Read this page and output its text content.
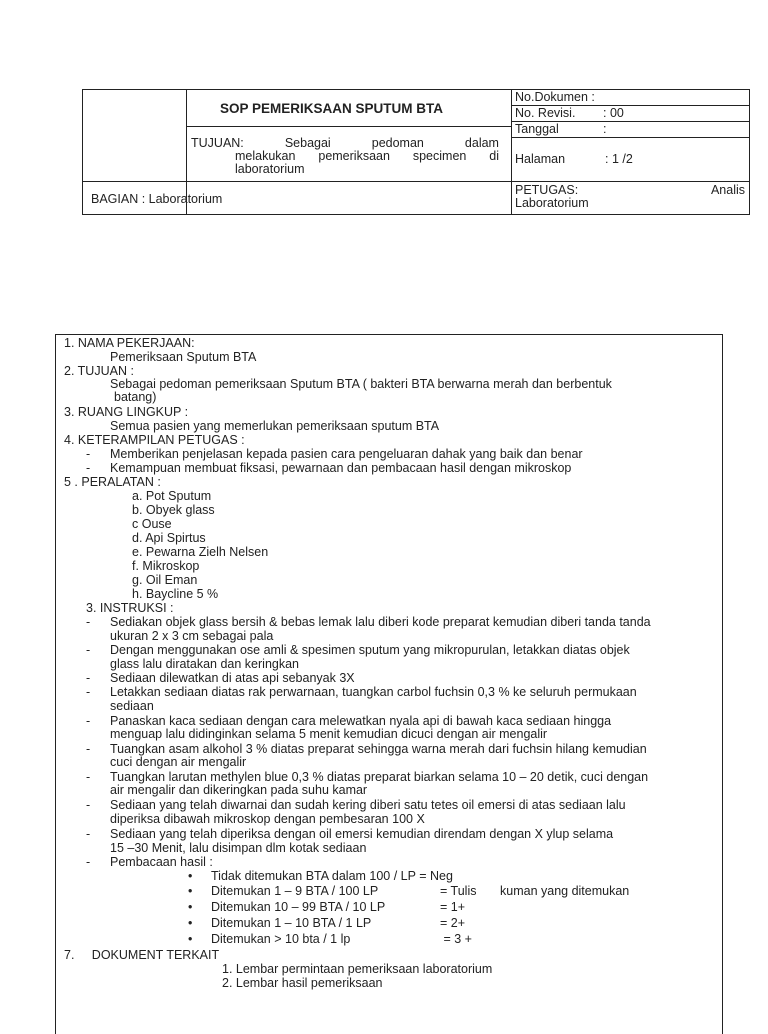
SOP PEMERIKSAAN SPUTUM BTA
TUJUAN:	Sebagai	pedoman	dalam
melakukan pemeriksaan specimen di laboratorium
BAGIAN : Laboratorium
No.Dokumen :
No. Revisi. : 00
Tanggal	:
Halaman	: 1 /2
PETUGAS:	Analis
Laboratorium
1. NAMA PEKERJAAN:
Pemeriksaan Sputum BTA
2. TUJUAN :
Sebagai pedoman pemeriksaan Sputum BTA ( bakteri BTA berwarna merah dan berbentuk
batang)
3. RUANG LINGKUP :
Semua pasien yang memerlukan pemeriksaan sputum BTA
4. KETERAMPILAN PETUGAS :
- Memberikan penjelasan kepada pasien cara pengeluaran dahak yang baik dan benar
- Kemampuan membuat fiksasi, pewarnaan dan pembacaan hasil dengan mikroskop
5 . PERALATAN :
a. Pot Sputum
b. Obyek glass
c Ouse
d. Api Spirtus
e. Pewarna Zielh Nelsen
f. Mikroskop
g. Oil Eman
h. Baycline 5 %
3. INSTRUKSI :
- Sediakan objek glass bersih & bebas lemak lalu diberi kode preparat kemudian diberi tanda tanda
ukuran 2 x 3 cm sebagai pala
- Dengan menggunakan ose amli & spesimen sputum yang mikropurulan, letakkan diatas objek
glass lalu diratakan dan keringkan
- Sediaan dilewatkan di atas api sebanyak 3X
- Letakkan sediaan diatas rak perwarnaan, tuangkan carbol fuchsin 0,3 % ke seluruh permukaan
sediaan
- Panaskan kaca sediaan dengan cara melewatkan nyala api di bawah kaca sediaan hingga
menguap lalu didinginkan selama 5 menit kemudian dicuci dengan air mengalir
- Tuangkan asam alkohol 3 % diatas preparat sehingga warna merah dari fuchsin hilang kemudian
cuci dengan air mengalir
- Tuangkan larutan methylen blue 0,3 % diatas preparat biarkan selama 10 – 20 detik, cuci dengan
air mengalir dan dikeringkan pada suhu kamar
- Sediaan yang telah diwarnai dan sudah kering diberi satu tetes oil emersi di atas sediaan lalu
diperiksa dibawah mikroskop dengan pembesaran 100 X
- Sediaan yang telah diperiksa dengan oil emersi kemudian direndam dengan X ylup selama
15 –30 Menit, lalu disimpan dlm kotak sediaan
- Pembacaan hasil :
• Tidak ditemukan BTA dalam 100 / LP = Neg
• Ditemukan 1 – 9 BTA / 100 LP	= Tulis kuman yang ditemukan
• Ditemukan 10 – 99 BTA / 10 LP	= 1+
• Ditemukan 1 – 10 BTA / 1 LP	= 2+
• Ditemukan > 10 bta / 1 lp	= 3 +
7.     DOKUMENT TERKAIT
1. Lembar permintaan pemeriksaan laboratorium
2. Lembar hasil pemeriksaan
